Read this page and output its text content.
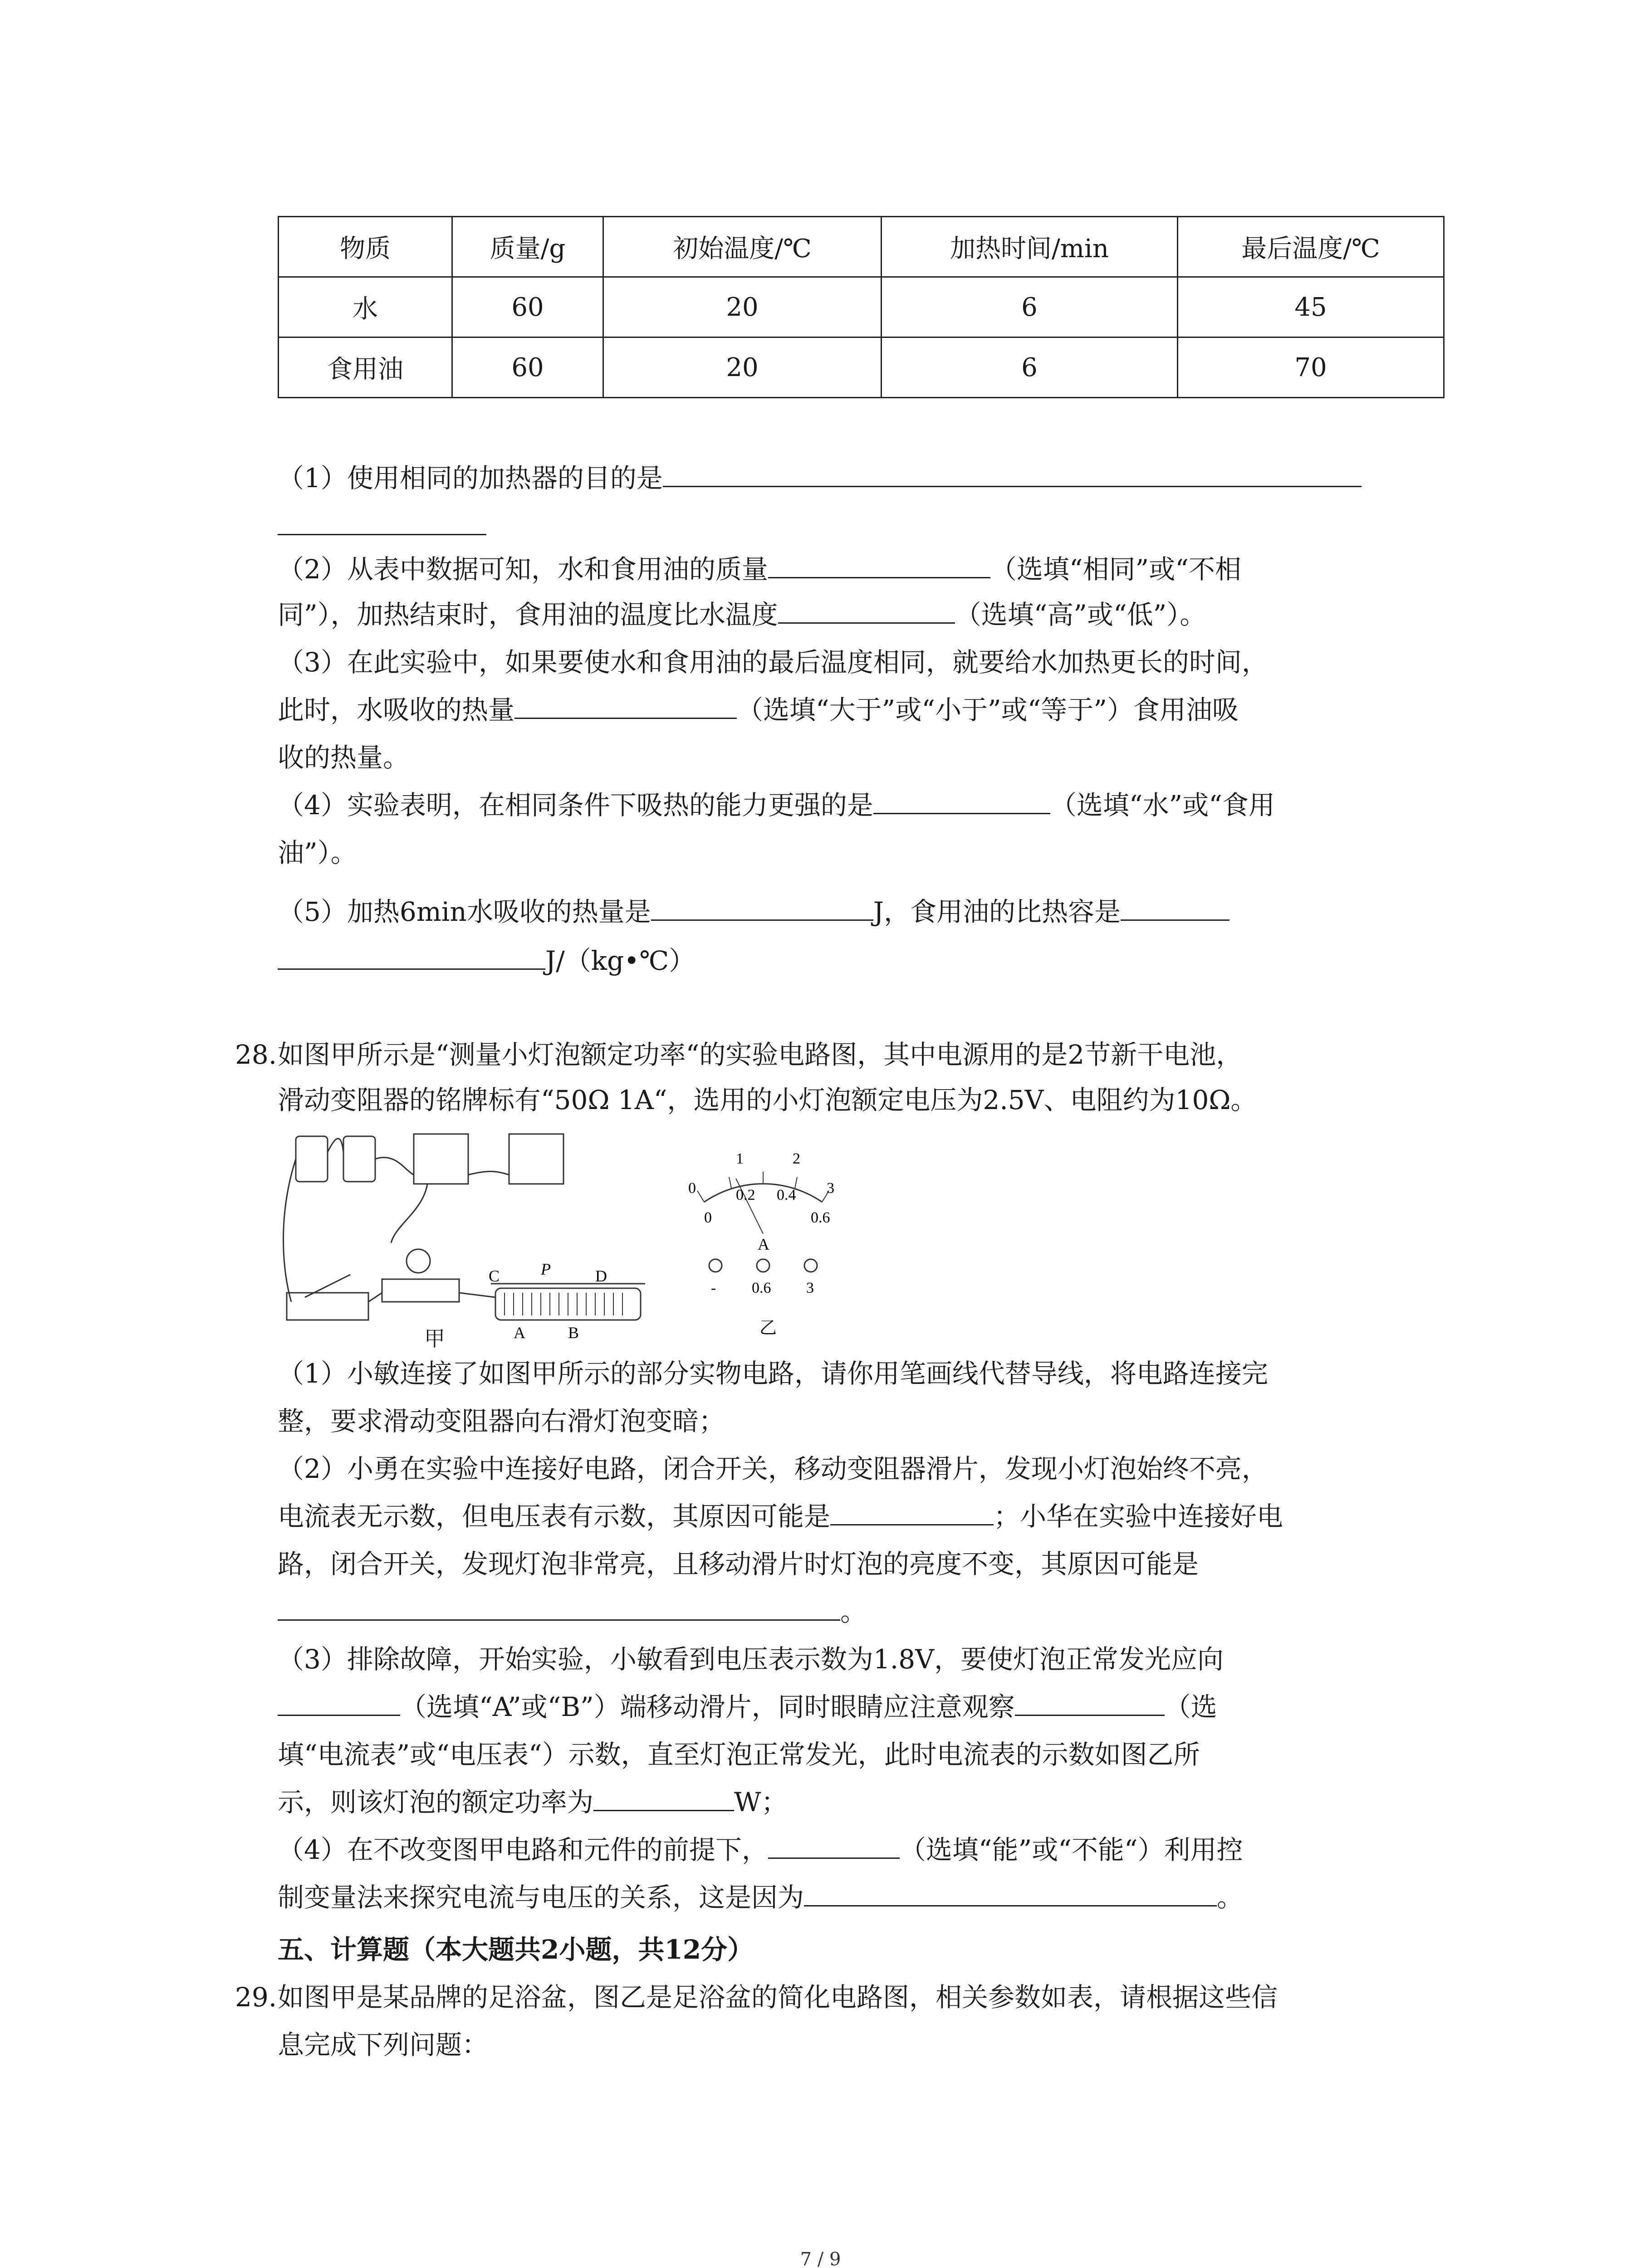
物质	质量/g	初始温度/℃	加热时间/min	最后温度/℃
水	60	20	6	45
食用油	60	20	6	70
（1）使用相同的加热器的目的是
（2）从表中数据可知，水和食用油的质量	（选填“相同”或“不相
同”），加热结束时，食用油的温度比水温度	（选填“高”或“低”）。
（3）在此实验中，如果要使水和食用油的最后温度相同，就要给水加热更长的时间，
此时，水吸收的热量	（选填“大于”或“小于”或“等于”）食用油吸
收的热量。
（4）实验表明，在相同条件下吸热的能力更强的是	（选填“水”或“食用
油”）。
（5）加热6min水吸收的热量是	J，食用油的比热容是
J/（kg•℃）
28. 如图甲所示是“测量小灯泡额定功率“的实验电路图，其中电源用的是2节新干电池，
滑动变阻器的铭牌标有“50Ω 1A“，选用的小灯泡额定电压为2.5V、电阻约为10Ω。
C	P	D
A	B
0
1	2
3
0
0.2 0.4
0.6
A
- 0.6 3
乙
甲
（1）小敏连接了如图甲所示的部分实物电路，请你用笔画线代替导线，将电路连接完
整，要求滑动变阻器向右滑灯泡变暗；
（2）小勇在实验中连接好电路，闭合开关，移动变阻器滑片，发现小灯泡始终不亮，
电流表无示数，但电压表有示数，其原因可能是	；小华在实验中连接好电
路，闭合开关，发现灯泡非常亮，且移动滑片时灯泡的亮度不变，其原因可能是
。
（3）排除故障，开始实验，小敏看到电压表示数为1.8V，要使灯泡正常发光应向
（选填“A”或“B”）端移动滑片，同时眼睛应注意观察	（选
填“电流表”或“电压表“）示数，直至灯泡正常发光，此时电流表的示数如图乙所
示，则该灯泡的额定功率为	W；
（4）在不改变图甲电路和元件的前提下，	（选填“能”或“不能“）利用控
制变量法来探究电流与电压的关系，这是因为	。
五、计算题（本大题共2小题，共12分）
29. 如图甲是某品牌的足浴盆，图乙是足浴盆的简化电路图，相关参数如表，请根据这些信
息完成下列问题：
7 / 9
